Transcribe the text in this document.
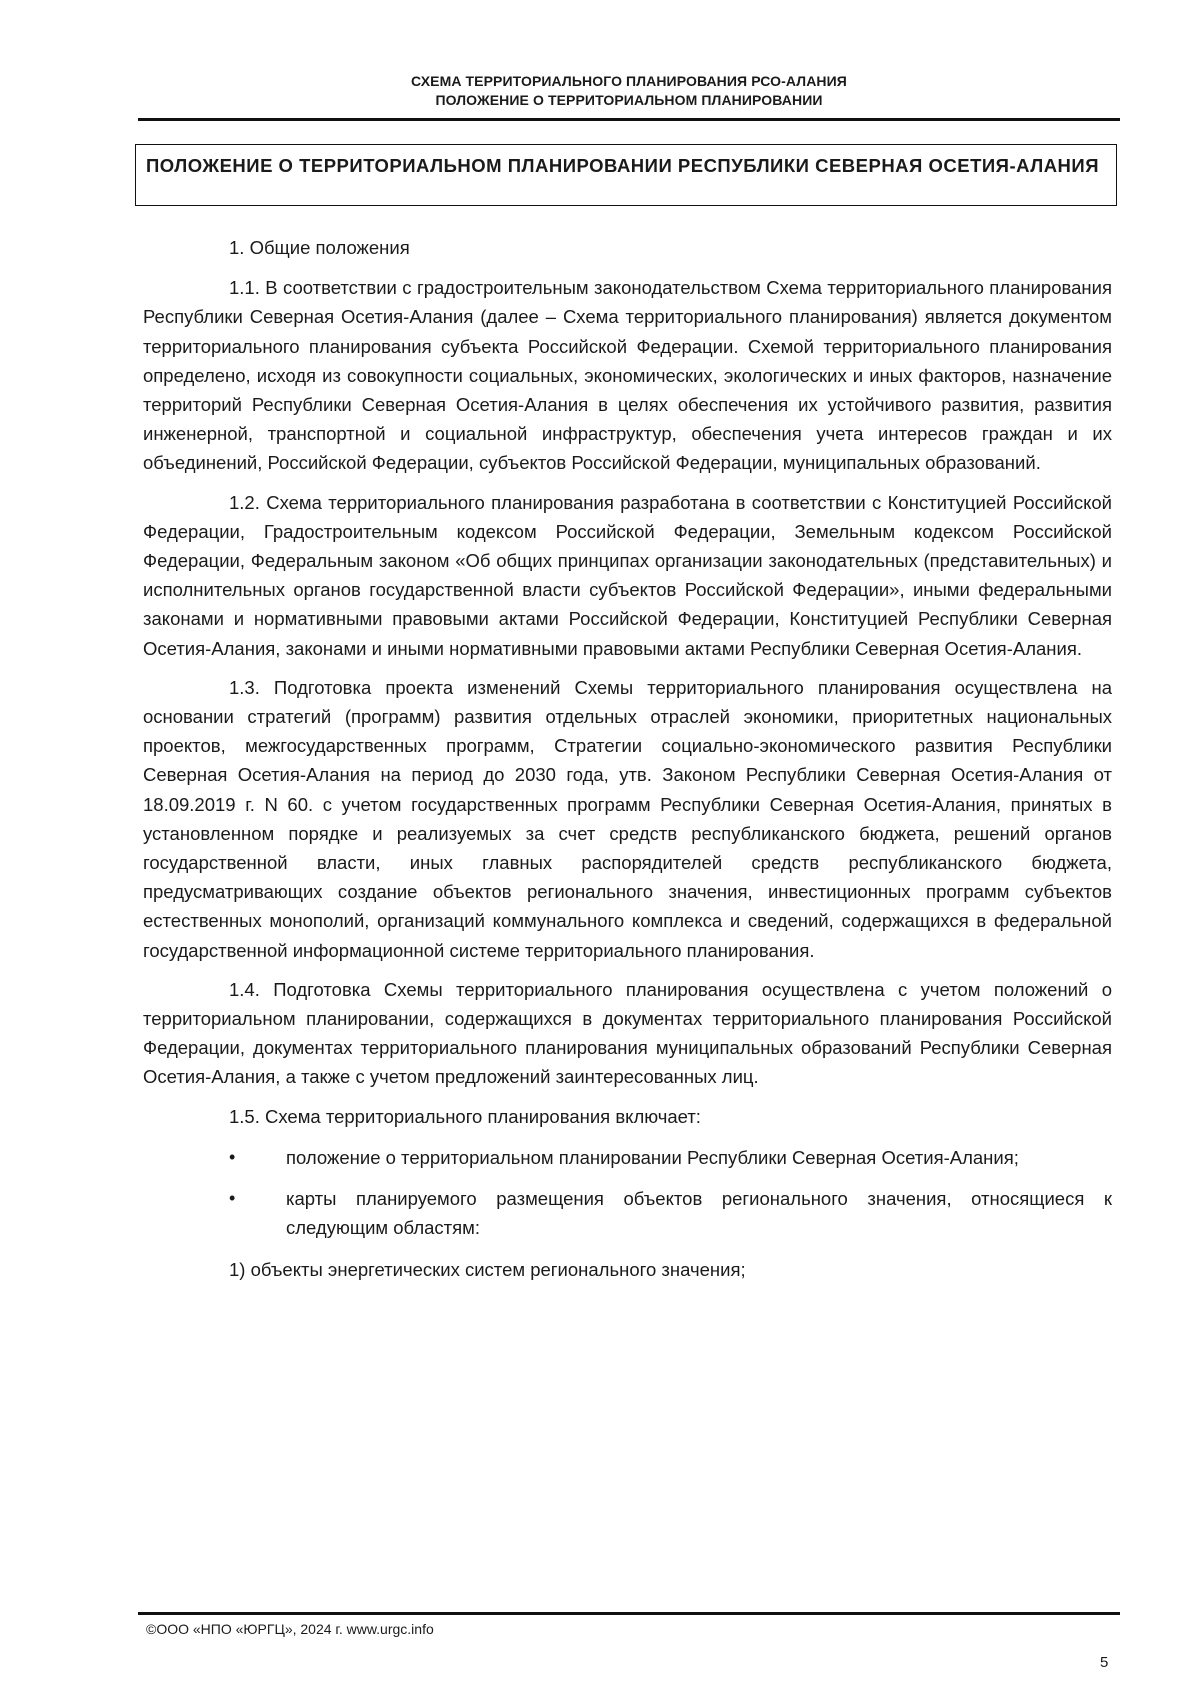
СХЕМА ТЕРРИТОРИАЛЬНОГО ПЛАНИРОВАНИЯ РСО-АЛАНИЯ
ПОЛОЖЕНИЕ О ТЕРРИТОРИАЛЬНОМ ПЛАНИРОВАНИИ

ПОЛОЖЕНИЕ О ТЕРРИТОРИАЛЬНОМ ПЛАНИРОВАНИИ РЕСПУБЛИКИ СЕВЕРНАЯ ОСЕТИЯ-АЛАНИЯ

1. Общие положения

1.1. В соответствии с градостроительным законодательством Схема территориального планирования Республики Северная Осетия-Алания (далее – Схема территориального планирования) является документом территориального планирования субъекта Российской Федерации. Схемой территориального планирования определено, исходя из совокупности социальных, экономических, экологических и иных факторов, назначение территорий Республики Северная Осетия-Алания в целях обеспечения их устойчивого развития, развития инженерной, транспортной и социальной инфраструктур, обеспечения учета интересов граждан и их объединений, Российской Федерации, субъектов Российской Федерации, муниципальных образований.

1.2. Схема территориального планирования разработана в соответствии с Конституцией Российской Федерации, Градостроительным кодексом Российской Федерации, Земельным кодексом Российской Федерации, Федеральным законом «Об общих принципах организации законодательных (представительных) и исполнительных органов государственной власти субъектов Российской Федерации», иными федеральными законами и нормативными правовыми актами Российской Федерации, Конституцией Республики Северная Осетия-Алания, законами и иными нормативными правовыми актами Республики Северная Осетия-Алания.

1.3. Подготовка проекта изменений Схемы территориального планирования осуществлена на основании стратегий (программ) развития отдельных отраслей экономики, приоритетных национальных проектов, межгосударственных программ, Стратегии социально-экономического развития Республики Северная Осетия-Алания на период до 2030 года, утв. Законом Республики Северная Осетия-Алания от 18.09.2019 г. N 60. с учетом государственных программ Республики Северная Осетия-Алания, принятых в установленном порядке и реализуемых за счет средств республиканского бюджета, решений органов государственной власти, иных главных распорядителей средств республиканского бюджета, предусматривающих создание объектов регионального значения, инвестиционных программ субъектов естественных монополий, организаций коммунального комплекса и сведений, содержащихся в федеральной государственной информационной системе территориального планирования.

1.4. Подготовка Схемы территориального планирования осуществлена с учетом положений о территориальном планировании, содержащихся в документах территориального планирования Российской Федерации, документах территориального планирования муниципальных образований Республики Северная Осетия-Алания, а также с учетом предложений заинтересованных лиц.

1.5. Схема территориального планирования включает:

•	положение о территориальном планировании Республики Северная Осетия-Алания;
•	карты планируемого размещения объектов регионального значения, относящиеся к следующим областям:

1) объекты энергетических систем регионального значения;

©ООО «НПО «ЮРГЦ», 2024 г. www.urgc.info
5
